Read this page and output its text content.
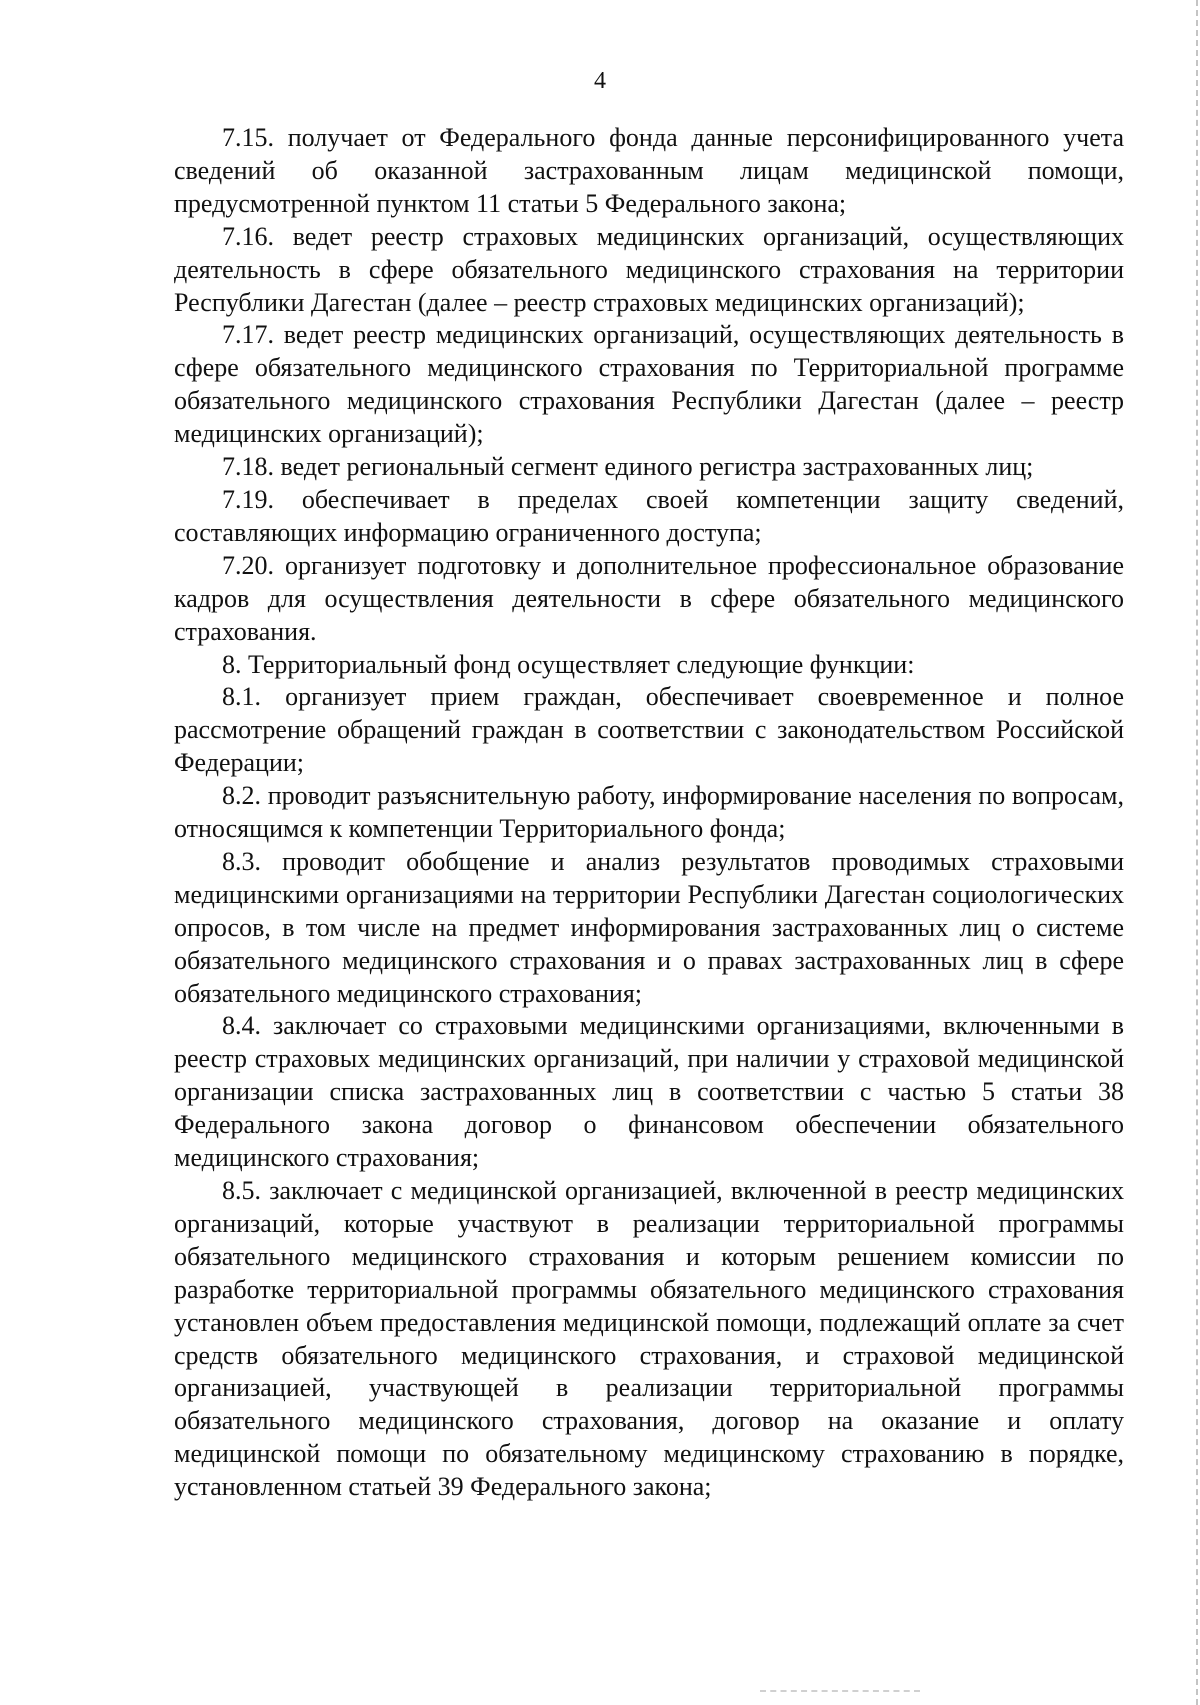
4

7.15. получает от Федерального фонда данные персонифицированного учета сведений об оказанной застрахованным лицам медицинской помощи, предусмотренной пунктом 11 статьи 5 Федерального закона;

7.16. ведет реестр страховых медицинских организаций, осуществляющих деятельность в сфере обязательного медицинского страхования на территории Республики Дагестан (далее – реестр страховых медицинских организаций);

7.17. ведет реестр медицинских организаций, осуществляющих деятельность в сфере обязательного медицинского страхования по Территориальной программе обязательного медицинского страхования Республики Дагестан (далее – реестр медицинских организаций);

7.18. ведет региональный сегмент единого регистра застрахованных лиц;

7.19. обеспечивает в пределах своей компетенции защиту сведений, составляющих информацию ограниченного доступа;

7.20. организует подготовку и дополнительное профессиональное образование кадров для осуществления деятельности в сфере обязательного медицинского страхования.

8. Территориальный фонд осуществляет следующие функции:

8.1. организует прием граждан, обеспечивает своевременное и полное рассмотрение обращений граждан в соответствии с законодательством Российской Федерации;

8.2. проводит разъяснительную работу, информирование населения по вопросам, относящимся к компетенции Территориального фонда;

8.3. проводит обобщение и анализ результатов проводимых страховыми медицинскими организациями на территории Республики Дагестан социологических опросов, в том числе на предмет информирования застрахованных лиц о системе обязательного медицинского страхования и о правах застрахованных лиц в сфере обязательного медицинского страхования;

8.4. заключает со страховыми медицинскими организациями, включенными в реестр страховых медицинских организаций, при наличии у страховой медицинской организации списка застрахованных лиц в соответствии с частью 5 статьи 38 Федерального закона договор о финансовом обеспечении обязательного медицинского страхования;

8.5. заключает с медицинской организацией, включенной в реестр медицинских организаций, которые участвуют в реализации территориальной программы обязательного медицинского страхования и которым решением комиссии по разработке территориальной программы обязательного медицинского страхования установлен объем предоставления медицинской помощи, подлежащий оплате за счет средств обязательного медицинского страхования, и страховой медицинской организацией, участвующей в реализации территориальной программы обязательного медицинского страхования, договор на оказание и оплату медицинской помощи по обязательному медицинскому страхованию в порядке, установленном статьей 39 Федерального закона;
